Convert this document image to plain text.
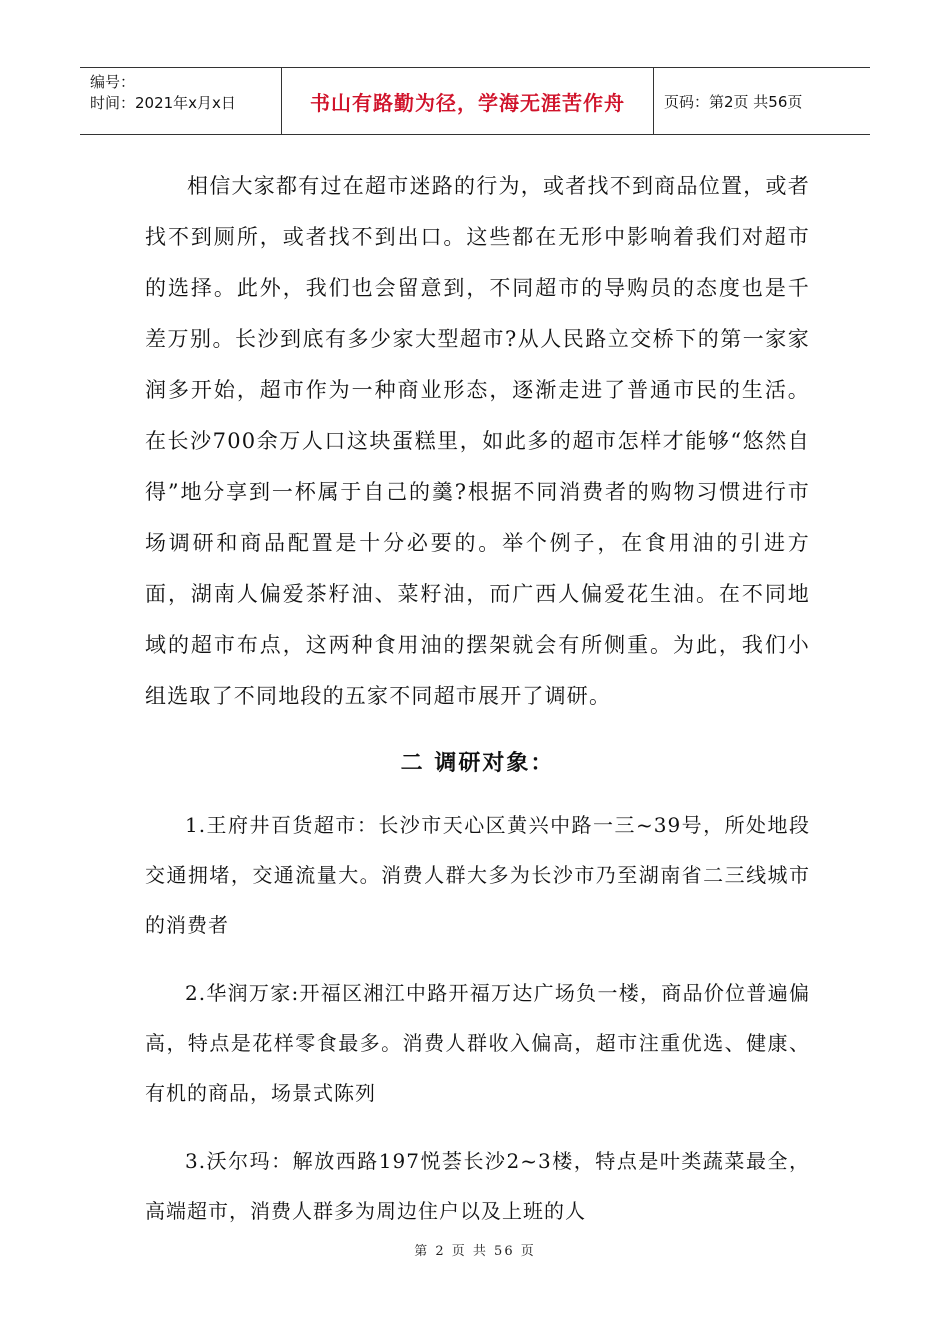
编号：
时间：2021年x月x日	书山有路勤为径，学海无涯苦作舟	页码：第2页 共56页

相信大家都有过在超市迷路的行为，或者找不到商品位置，或者找不到厕所，或者找不到出口。这些都在无形中影响着我们对超市的选择。此外，我们也会留意到，不同超市的导购员的态度也是千差万别。长沙到底有多少家大型超市?从人民路立交桥下的第一家家润多开始，超市作为一种商业形态，逐渐走进了普通市民的生活。在长沙700余万人口这块蛋糕里，如此多的超市怎样才能够“悠然自得”地分享到一杯属于自己的羹?根据不同消费者的购物习惯进行市场调研和商品配置是十分必要的。举个例子，在食用油的引进方面，湖南人偏爱茶籽油、菜籽油，而广西人偏爱花生油。在不同地域的超市布点，这两种食用油的摆架就会有所侧重。为此，我们小组选取了不同地段的五家不同超市展开了调研。

二 调研对象：

1.王府井百货超市：长沙市天心区黄兴中路一三~39号，所处地段交通拥堵，交通流量大。消费人群大多为长沙市乃至湖南省二三线城市的消费者

2.华润万家:开福区湘江中路开福万达广场负一楼，商品价位普遍偏高，特点是花样零食最多。消费人群收入偏高，超市注重优选、健康、有机的商品，场景式陈列

3.沃尔玛：解放西路197悦荟长沙2~3楼，特点是叶类蔬菜最全，高端超市，消费人群多为周边住户以及上班的人

第 2 页 共 56 页
